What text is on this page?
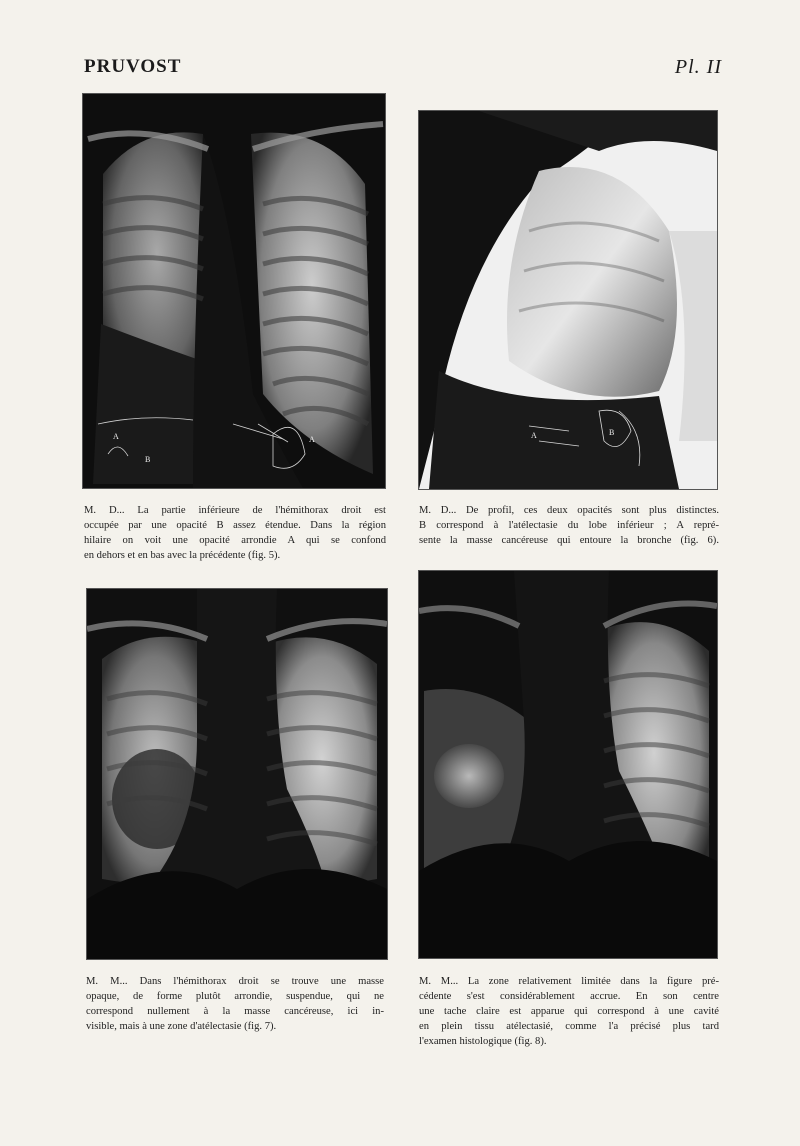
PRUVOST	Pl. II
A
B
A
M. D... La partie inférieure de l'hémithorax droit est
occupée par une opacité B assez étendue. Dans la région
hilaire on voit une opacité arrondie A qui se confond
en dehors et en bas avec la précédente (fig. 5).
A	B
M. D... De profil, ces deux opacités sont plus distinctes.
B correspond à l'atélectasie du lobe inférieur ; A repré-
sente la masse cancéreuse qui entoure la bronche (fig. 6).
M. M... Dans l'hémithorax droit se trouve une masse
opaque, de forme plutôt arrondie, suspendue, qui ne
correspond nullement à la masse cancéreuse, ici in-
visible, mais à une zone d'atélectasie (fig. 7).
M. M... La zone relativement limitée dans la figure pré-
cédente s'est considérablement accrue. En son centre
une tache claire est apparue qui correspond à une cavité
en plein tissu atélectasié, comme l'a précisé plus tard
l'examen histologique (fig. 8).
